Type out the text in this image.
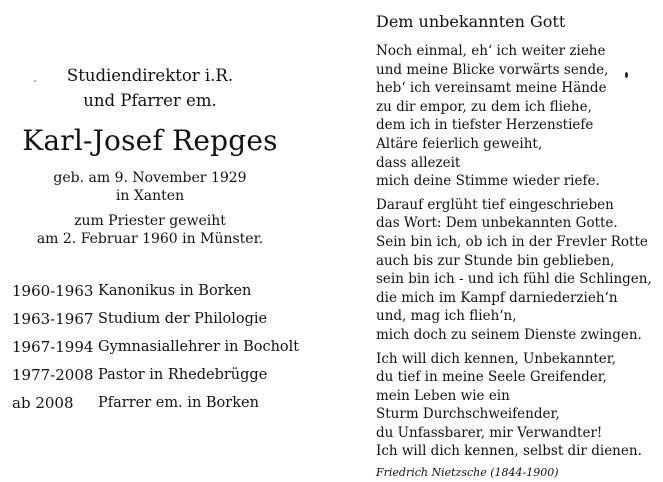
Studiendirektor i.R.
und Pfarrer em.
Karl-Josef Repges
geb. am 9. November 1929
in Xanten
zum Priester geweiht
am 2. Februar 1960 in Münster.
1960-1963 Kanonikus in Borken
1963-1967 Studium der Philologie
1967-1994 Gymnasiallehrer in Bocholt
1977-2008 Pastor in Rhedebrügge
ab 2008 Pfarrer em. in Borken
Dem unbekannten Gott
Noch einmal, eh‘ ich weiter ziehe
und meine Blicke vorwärts sende,
heb‘ ich vereinsamt meine Hände
zu dir empor, zu dem ich fliehe,
dem ich in tiefster Herzenstiefe
Altäre feierlich geweiht,
dass allezeit
mich deine Stimme wieder riefe.
Darauf erglüht tief eingeschrieben
das Wort: Dem unbekannten Gotte.
Sein bin ich, ob ich in der Frevler Rotte
auch bis zur Stunde bin geblieben,
sein bin ich - und ich fühl die Schlingen,
die mich im Kampf darniederzieh‘n
und, mag ich flieh‘n,
mich doch zu seinem Dienste zwingen.
Ich will dich kennen, Unbekannter,
du tief in meine Seele Greifender,
mein Leben wie ein
Sturm Durchschweifender,
du Unfassbarer, mir Verwandter!
Ich will dich kennen, selbst dir dienen.
Friedrich Nietzsche (1844-1900)
